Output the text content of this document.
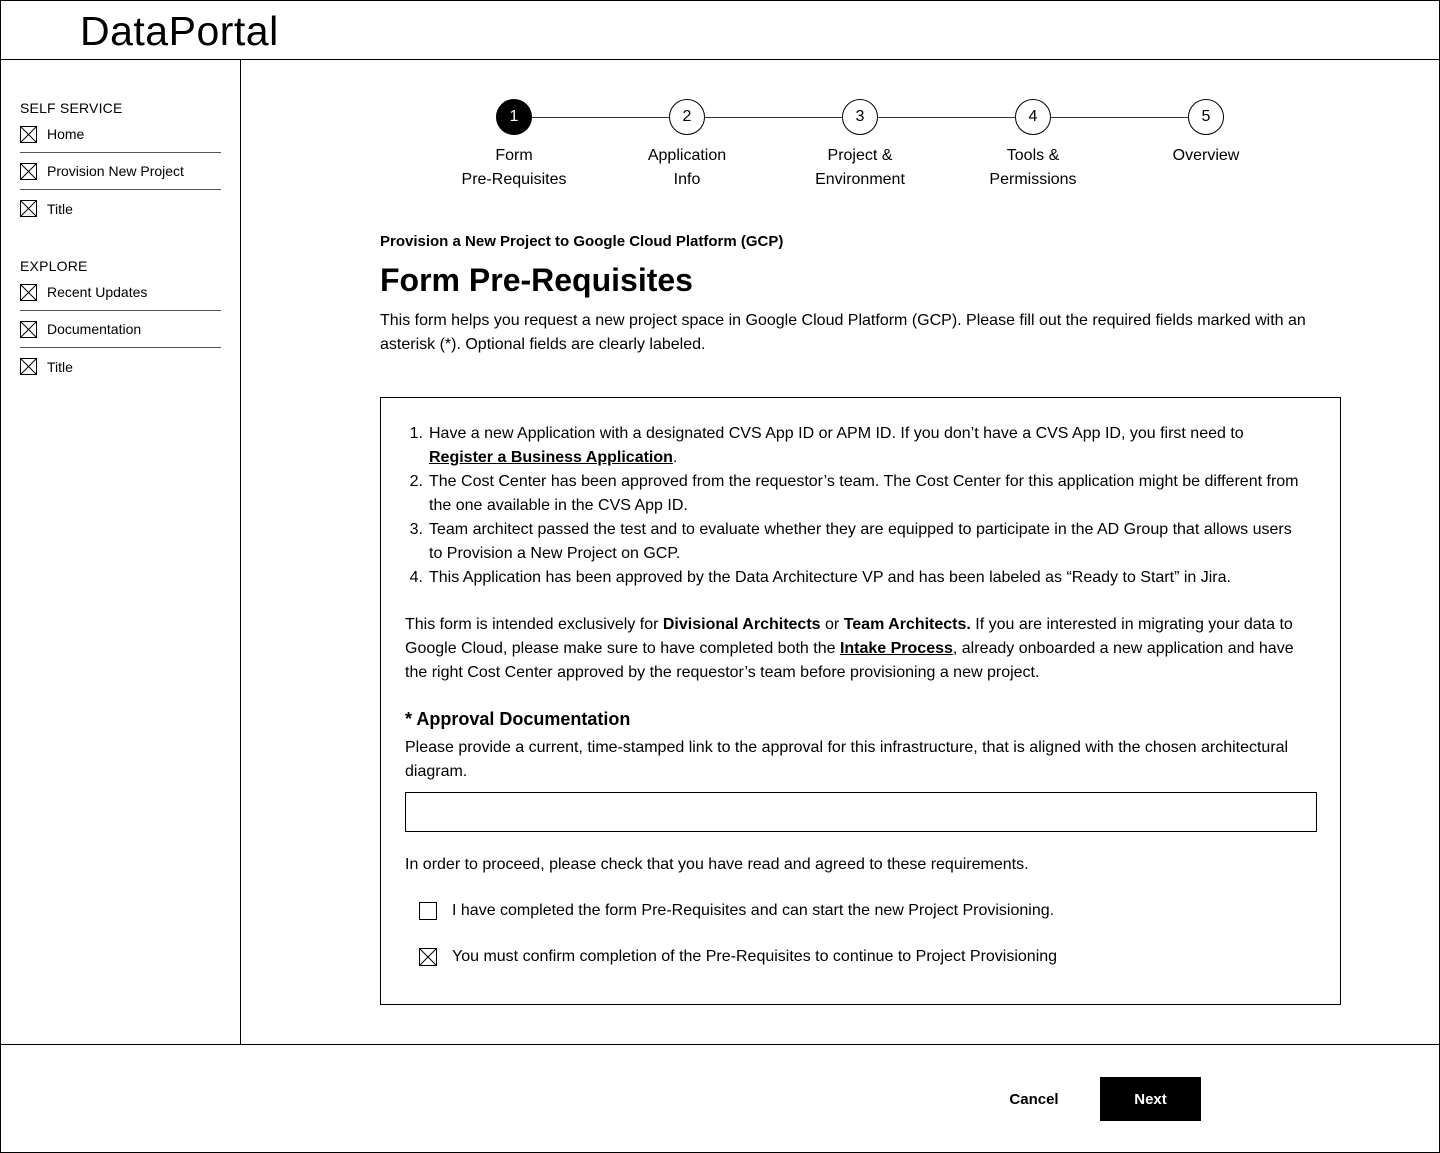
DataPortal
SELF SERVICE
Home
Provision New Project
Title
EXPLORE
Recent Updates
Documentation
Title
1	2	3	4	5
Form
Pre-Requisites
Application
Info
Project &
Environment
Tools &
Permissions
Overview
Provision a New Project to Google Cloud Platform (GCP)
Form Pre-Requisites

This form helps you request a new project space in Google Cloud Platform (GCP). Please fill out the required fields marked with an asterisk (*). Optional fields are clearly labeled.

1. Have a new Application with a designated CVS App ID or APM ID. If you don’t have a CVS App ID, you first need to Register a Business Application.
2. The Cost Center has been approved from the requestor’s team. The Cost Center for this application might be different from the one available in the CVS App ID.
3. Team architect passed the test and to evaluate whether they are equipped to participate in the AD Group that allows users to Provision a New Project on GCP.
4. This Application has been approved by the Data Architecture VP and has been labeled as “Ready to Start” in Jira.

This form is intended exclusively for Divisional Architects or Team Architects. If you are interested in migrating your data to Google Cloud, please make sure to have completed both the Intake Process, already onboarded a new application and have the right Cost Center approved by the requestor’s team before provisioning a new project.

* Approval Documentation
Please provide a current, time-stamped link to the approval for this infrastructure, that is aligned with the chosen architectural diagram.
In order to proceed, please check that you have read and agreed to these requirements.
I have completed the form Pre-Requisites and can start the new Project Provisioning.
You must confirm completion of the Pre-Requisites to continue to Project Provisioning
Cancel	Next
